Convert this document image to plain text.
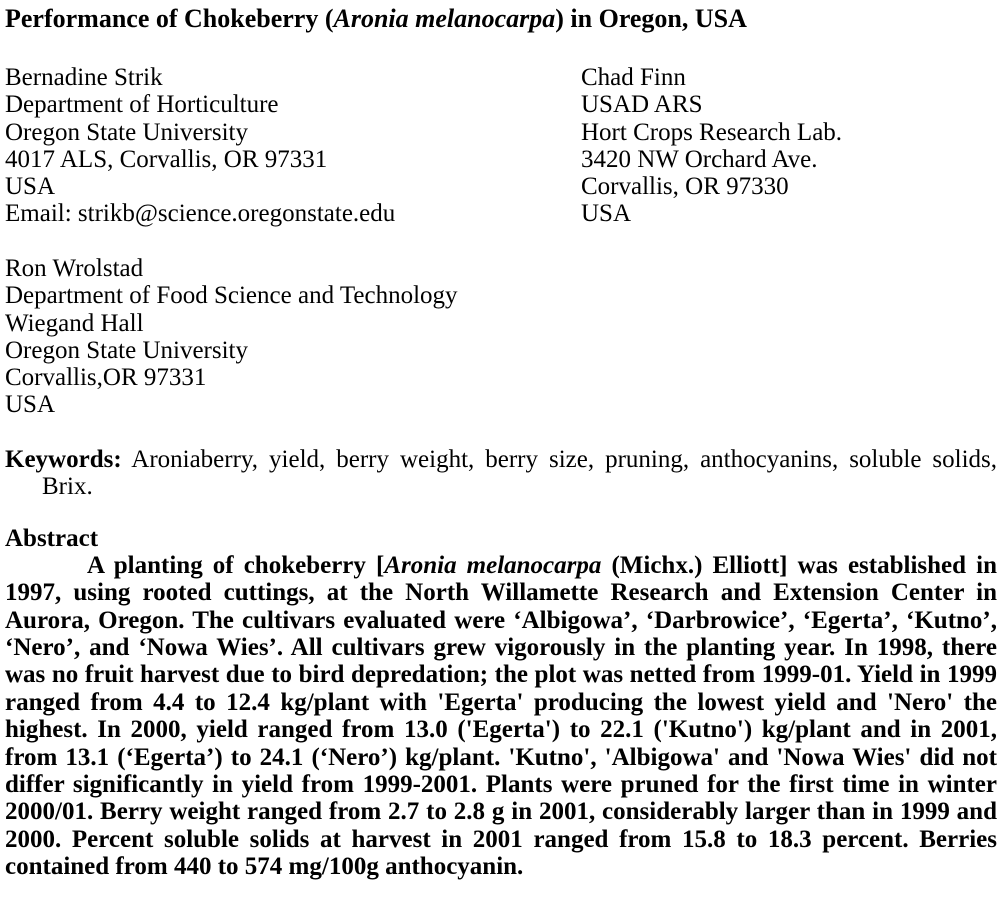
Performance of Chokeberry (Aronia melanocarpa) in Oregon, USA
Bernadine Strik
Department of Horticulture
Oregon State University
4017 ALS, Corvallis, OR 97331
USA
Email: strikb@science.oregonstate.edu
Chad Finn
USAD ARS
Hort Crops Research Lab.
3420 NW Orchard Ave.
Corvallis, OR 97330
USA
Ron Wrolstad
Department of Food Science and Technology
Wiegand Hall
Oregon State University
Corvallis,OR 97331
USA
Keywords: Aroniaberry, yield, berry weight, berry size, pruning, anthocyanins, soluble solids, Brix.
Abstract

A planting of chokeberry [Aronia melanocarpa (Michx.) Elliott] was established in 1997, using rooted cuttings, at the North Willamette Research and Extension Center in Aurora, Oregon. The cultivars evaluated were ‘Albigowa’, ‘Darbrowice’, ‘Egerta’, ‘Kutno’, ‘Nero’, and ‘Nowa Wies’. All cultivars grew vigorously in the planting year. In 1998, there was no fruit harvest due to bird depredation; the plot was netted from 1999-01. Yield in 1999 ranged from 4.4 to 12.4 kg/plant with 'Egerta' producing the lowest yield and 'Nero' the highest. In 2000, yield ranged from 13.0 ('Egerta') to 22.1 ('Kutno') kg/plant and in 2001, from 13.1 (‘Egerta’) to 24.1 (‘Nero’) kg/plant. 'Kutno', 'Albigowa' and 'Nowa Wies' did not differ significantly in yield from 1999-2001. Plants were pruned for the first time in winter 2000/01. Berry weight ranged from 2.7 to 2.8 g in 2001, considerably larger than in 1999 and 2000. Percent soluble solids at harvest in 2001 ranged from 15.8 to 18.3 percent. Berries contained from 440 to 574 mg/100g anthocyanin.
